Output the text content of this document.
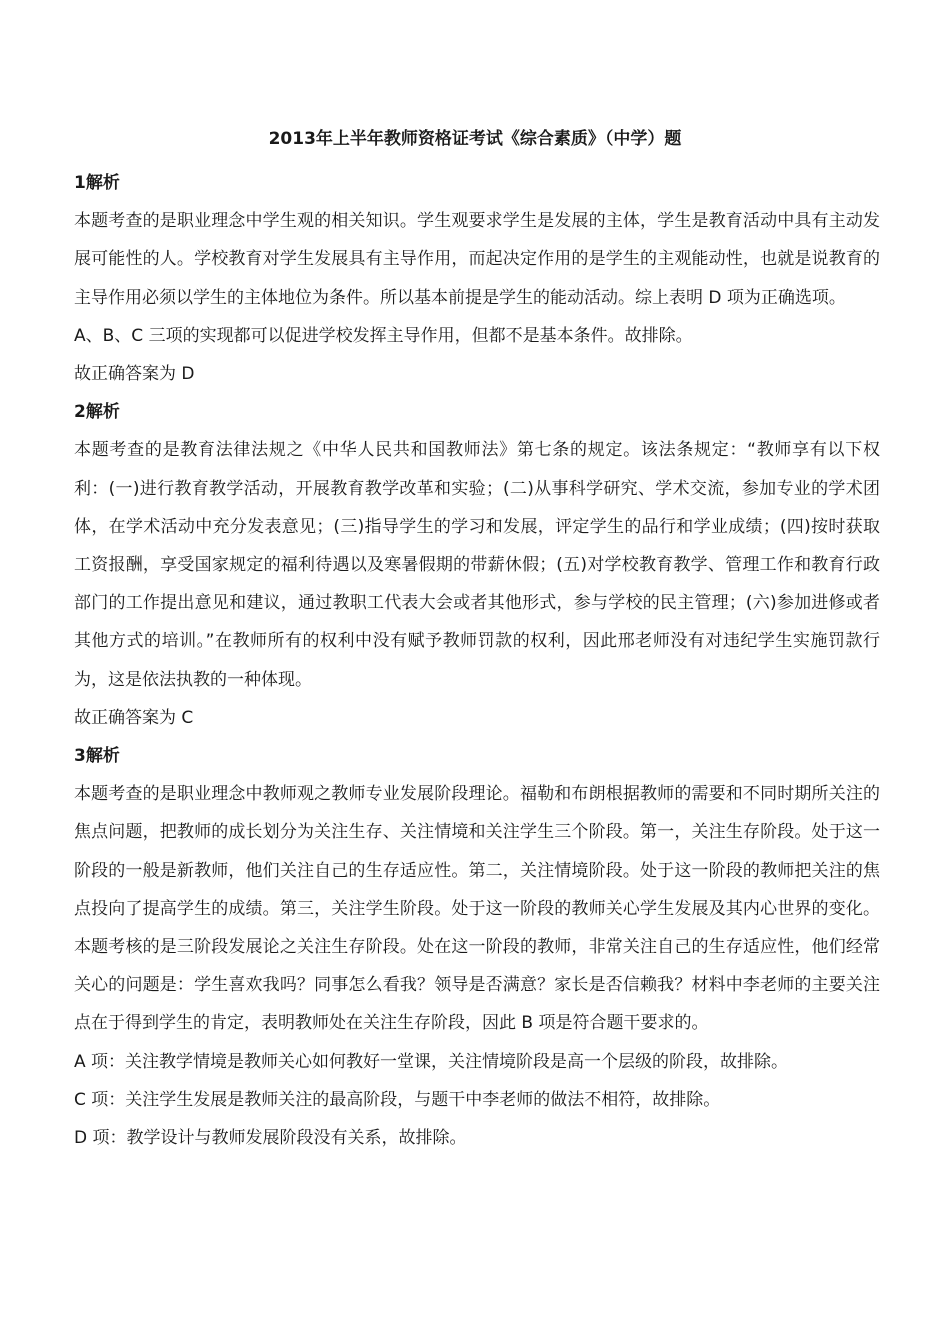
2013年上半年教师资格证考试《综合素质》（中学）题
1解析

本题考查的是职业理念中学生观的相关知识。学生观要求学生是发展的主体，学生是教育活动中具有主动发展可能性的人。学校教育对学生发展具有主导作用，而起决定作用的是学生的主观能动性，也就是说教育的主导作用必须以学生的主体地位为条件。所以基本前提是学生的能动活动。综上表明 D 项为正确选项。

A、B、C 三项的实现都可以促进学校发挥主导作用，但都不是基本条件。故排除。

故正确答案为 D

2解析

本题考查的是教育法律法规之《中华人民共和国教师法》第七条的规定。该法条规定：“教师享有以下权利：(一)进行教育教学活动，开展教育教学改革和实验；(二)从事科学研究、学术交流，参加专业的学术团体，在学术活动中充分发表意见；(三)指导学生的学习和发展，评定学生的品行和学业成绩；(四)按时获取工资报酬，享受国家规定的福利待遇以及寒暑假期的带薪休假；(五)对学校教育教学、管理工作和教育行政部门的工作提出意见和建议，通过教职工代表大会或者其他形式，参与学校的民主管理；(六)参加进修或者其他方式的培训。”在教师所有的权利中没有赋予教师罚款的权利，因此邢老师没有对违纪学生实施罚款行为，这是依法执教的一种体现。

故正确答案为 C

3解析

本题考查的是职业理念中教师观之教师专业发展阶段理论。福勒和布朗根据教师的需要和不同时期所关注的焦点问题，把教师的成长划分为关注生存、关注情境和关注学生三个阶段。第一，关注生存阶段。处于这一阶段的一般是新教师，他们关注自己的生存适应性。第二，关注情境阶段。处于这一阶段的教师把关注的焦点投向了提高学生的成绩。第三，关注学生阶段。处于这一阶段的教师关心学生发展及其内心世界的变化。本题考核的是三阶段发展论之关注生存阶段。处在这一阶段的教师，非常关注自己的生存适应性，他们经常关心的问题是：学生喜欢我吗？同事怎么看我？领导是否满意？家长是否信赖我？材料中李老师的主要关注点在于得到学生的肯定，表明教师处在关注生存阶段，因此 B 项是符合题干要求的。

A 项：关注教学情境是教师关心如何教好一堂课，关注情境阶段是高一个层级的阶段，故排除。

C 项：关注学生发展是教师关注的最高阶段，与题干中李老师的做法不相符，故排除。

D 项：教学设计与教师发展阶段没有关系，故排除。
